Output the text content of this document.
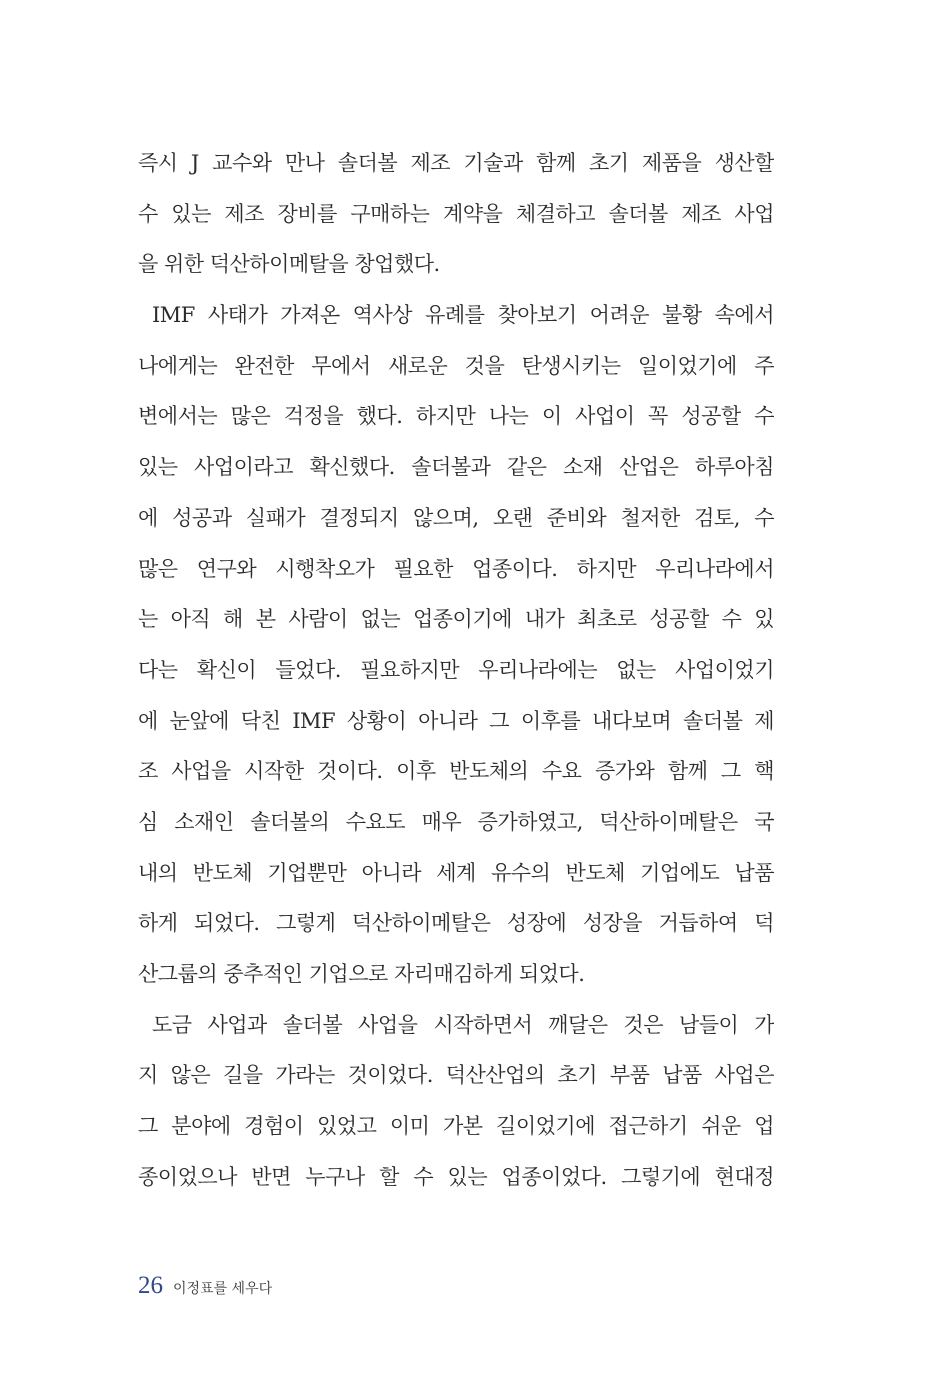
즉시 J 교수와 만나 솔더볼 제조 기술과 함께 초기 제품을 생산할
수 있는 제조 장비를 구매하는 계약을 체결하고 솔더볼 제조 사업
을 위한 덕산하이메탈을 창업했다.
IMF 사태가 가져온 역사상 유례를 찾아보기 어려운 불황 속에서
나에게는 완전한 무에서 새로운 것을 탄생시키는 일이었기에 주
변에서는 많은 걱정을 했다. 하지만 나는 이 사업이 꼭 성공할 수
있는 사업이라고 확신했다. 솔더볼과 같은 소재 산업은 하루아침
에 성공과 실패가 결정되지 않으며, 오랜 준비와 철저한 검토, 수
많은 연구와 시행착오가 필요한 업종이다. 하지만 우리나라에서
는 아직 해 본 사람이 없는 업종이기에 내가 최초로 성공할 수 있
다는 확신이 들었다. 필요하지만 우리나라에는 없는 사업이었기
에 눈앞에 닥친 IMF 상황이 아니라 그 이후를 내다보며 솔더볼 제
조 사업을 시작한 것이다. 이후 반도체의 수요 증가와 함께 그 핵
심 소재인 솔더볼의 수요도 매우 증가하였고, 덕산하이메탈은 국
내의 반도체 기업뿐만 아니라 세계 유수의 반도체 기업에도 납품
하게 되었다. 그렇게 덕산하이메탈은 성장에 성장을 거듭하여 덕
산그룹의 중추적인 기업으로 자리매김하게 되었다.
도금 사업과 솔더볼 사업을 시작하면서 깨달은 것은 남들이 가
지 않은 길을 가라는 것이었다. 덕산산업의 초기 부품 납품 사업은
그 분야에 경험이 있었고 이미 가본 길이었기에 접근하기 쉬운 업
종이었으나 반면 누구나 할 수 있는 업종이었다. 그렇기에 현대정
26 이정표를 세우다
